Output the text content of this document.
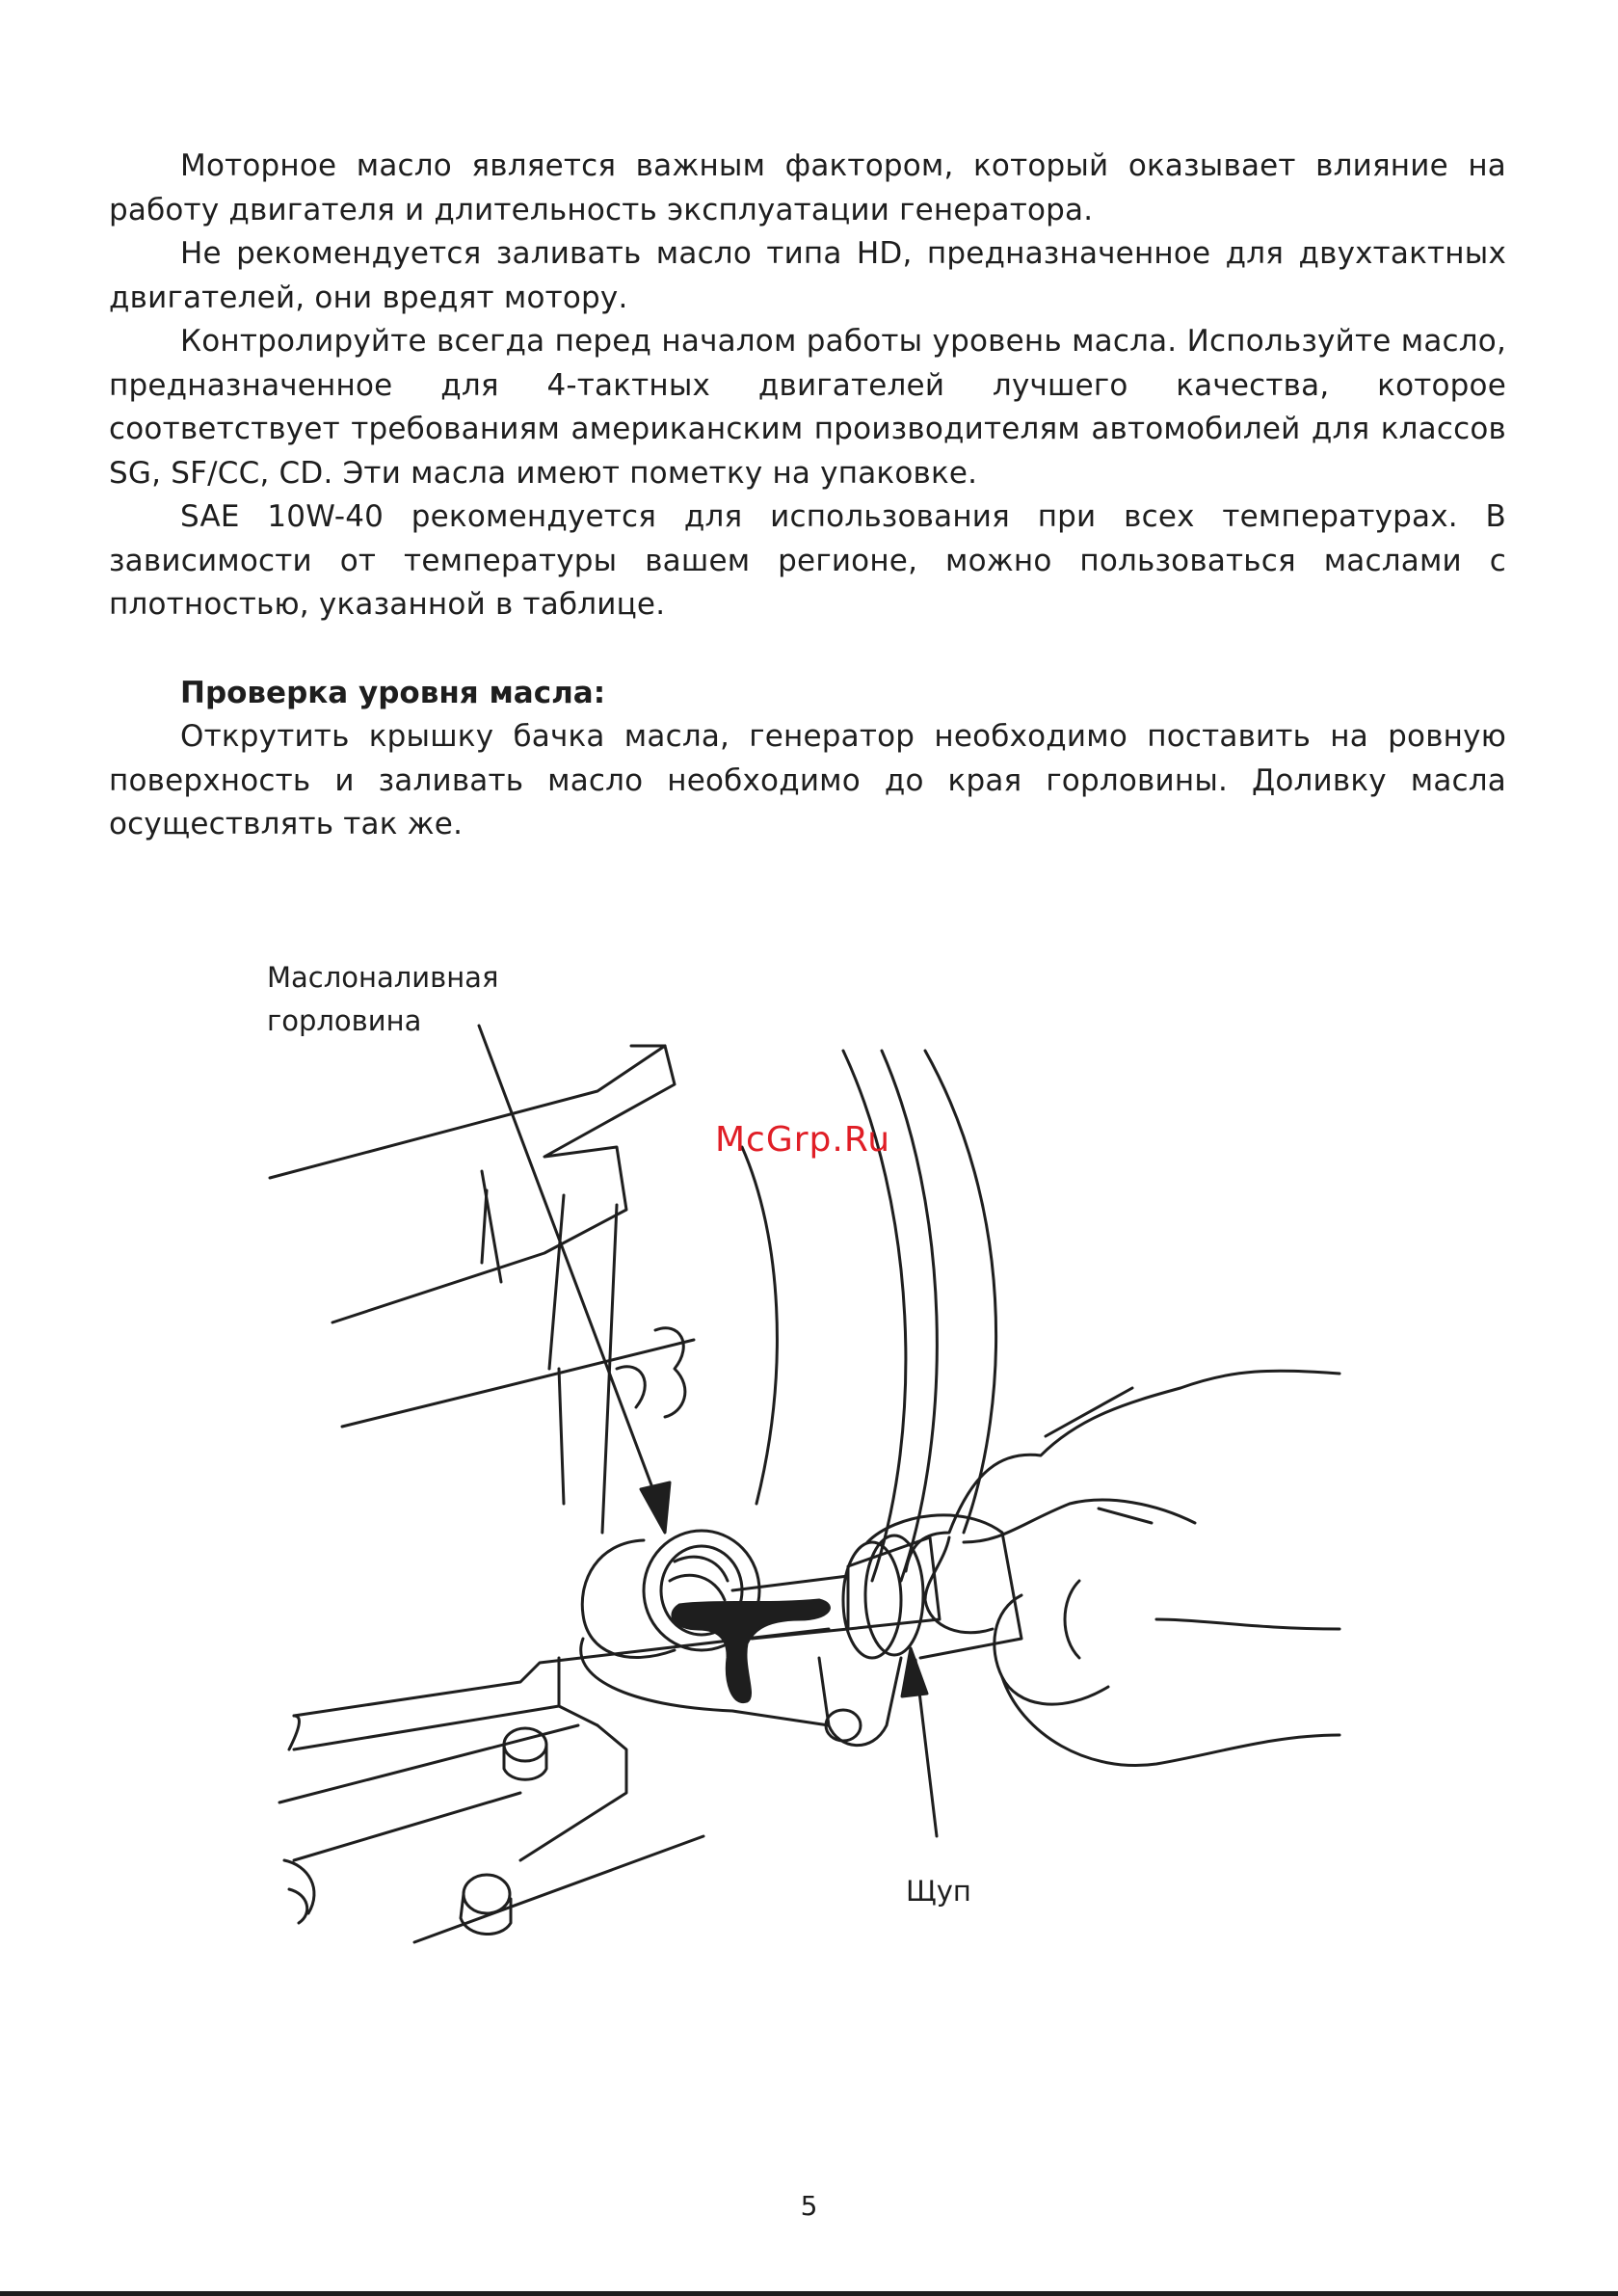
Моторное масло является важным фактором, который оказывает влияние на работу двигателя и длительность эксплуатации генератора.

Не рекомендуется заливать масло типа HD, предназначенное для двухтактных двигателей, они вредят мотору.

Контролируйте всегда перед началом работы уровень масла. Используйте масло, предназначенное для 4-тактных двигателей лучшего качества, которое соответствует требованиям американским производителям автомобилей для классов SG, SF/CC, CD. Эти масла имеют пометку на упаковке.

SAE 10W-40 рекомендуется для использования при всех температурах. В зависимости от температуры вашем регионе, можно пользоваться маслами с плотностью, указанной в таблице.

Проверка уровня масла:

Открутить крышку бачка масла, генератор необходимо поставить на ровную поверхность и заливать масло необходимо до края горловины. Доливку масла осуществлять так же.

Маслоналивная
горловина
Щуп
McGrp.Ru
5
